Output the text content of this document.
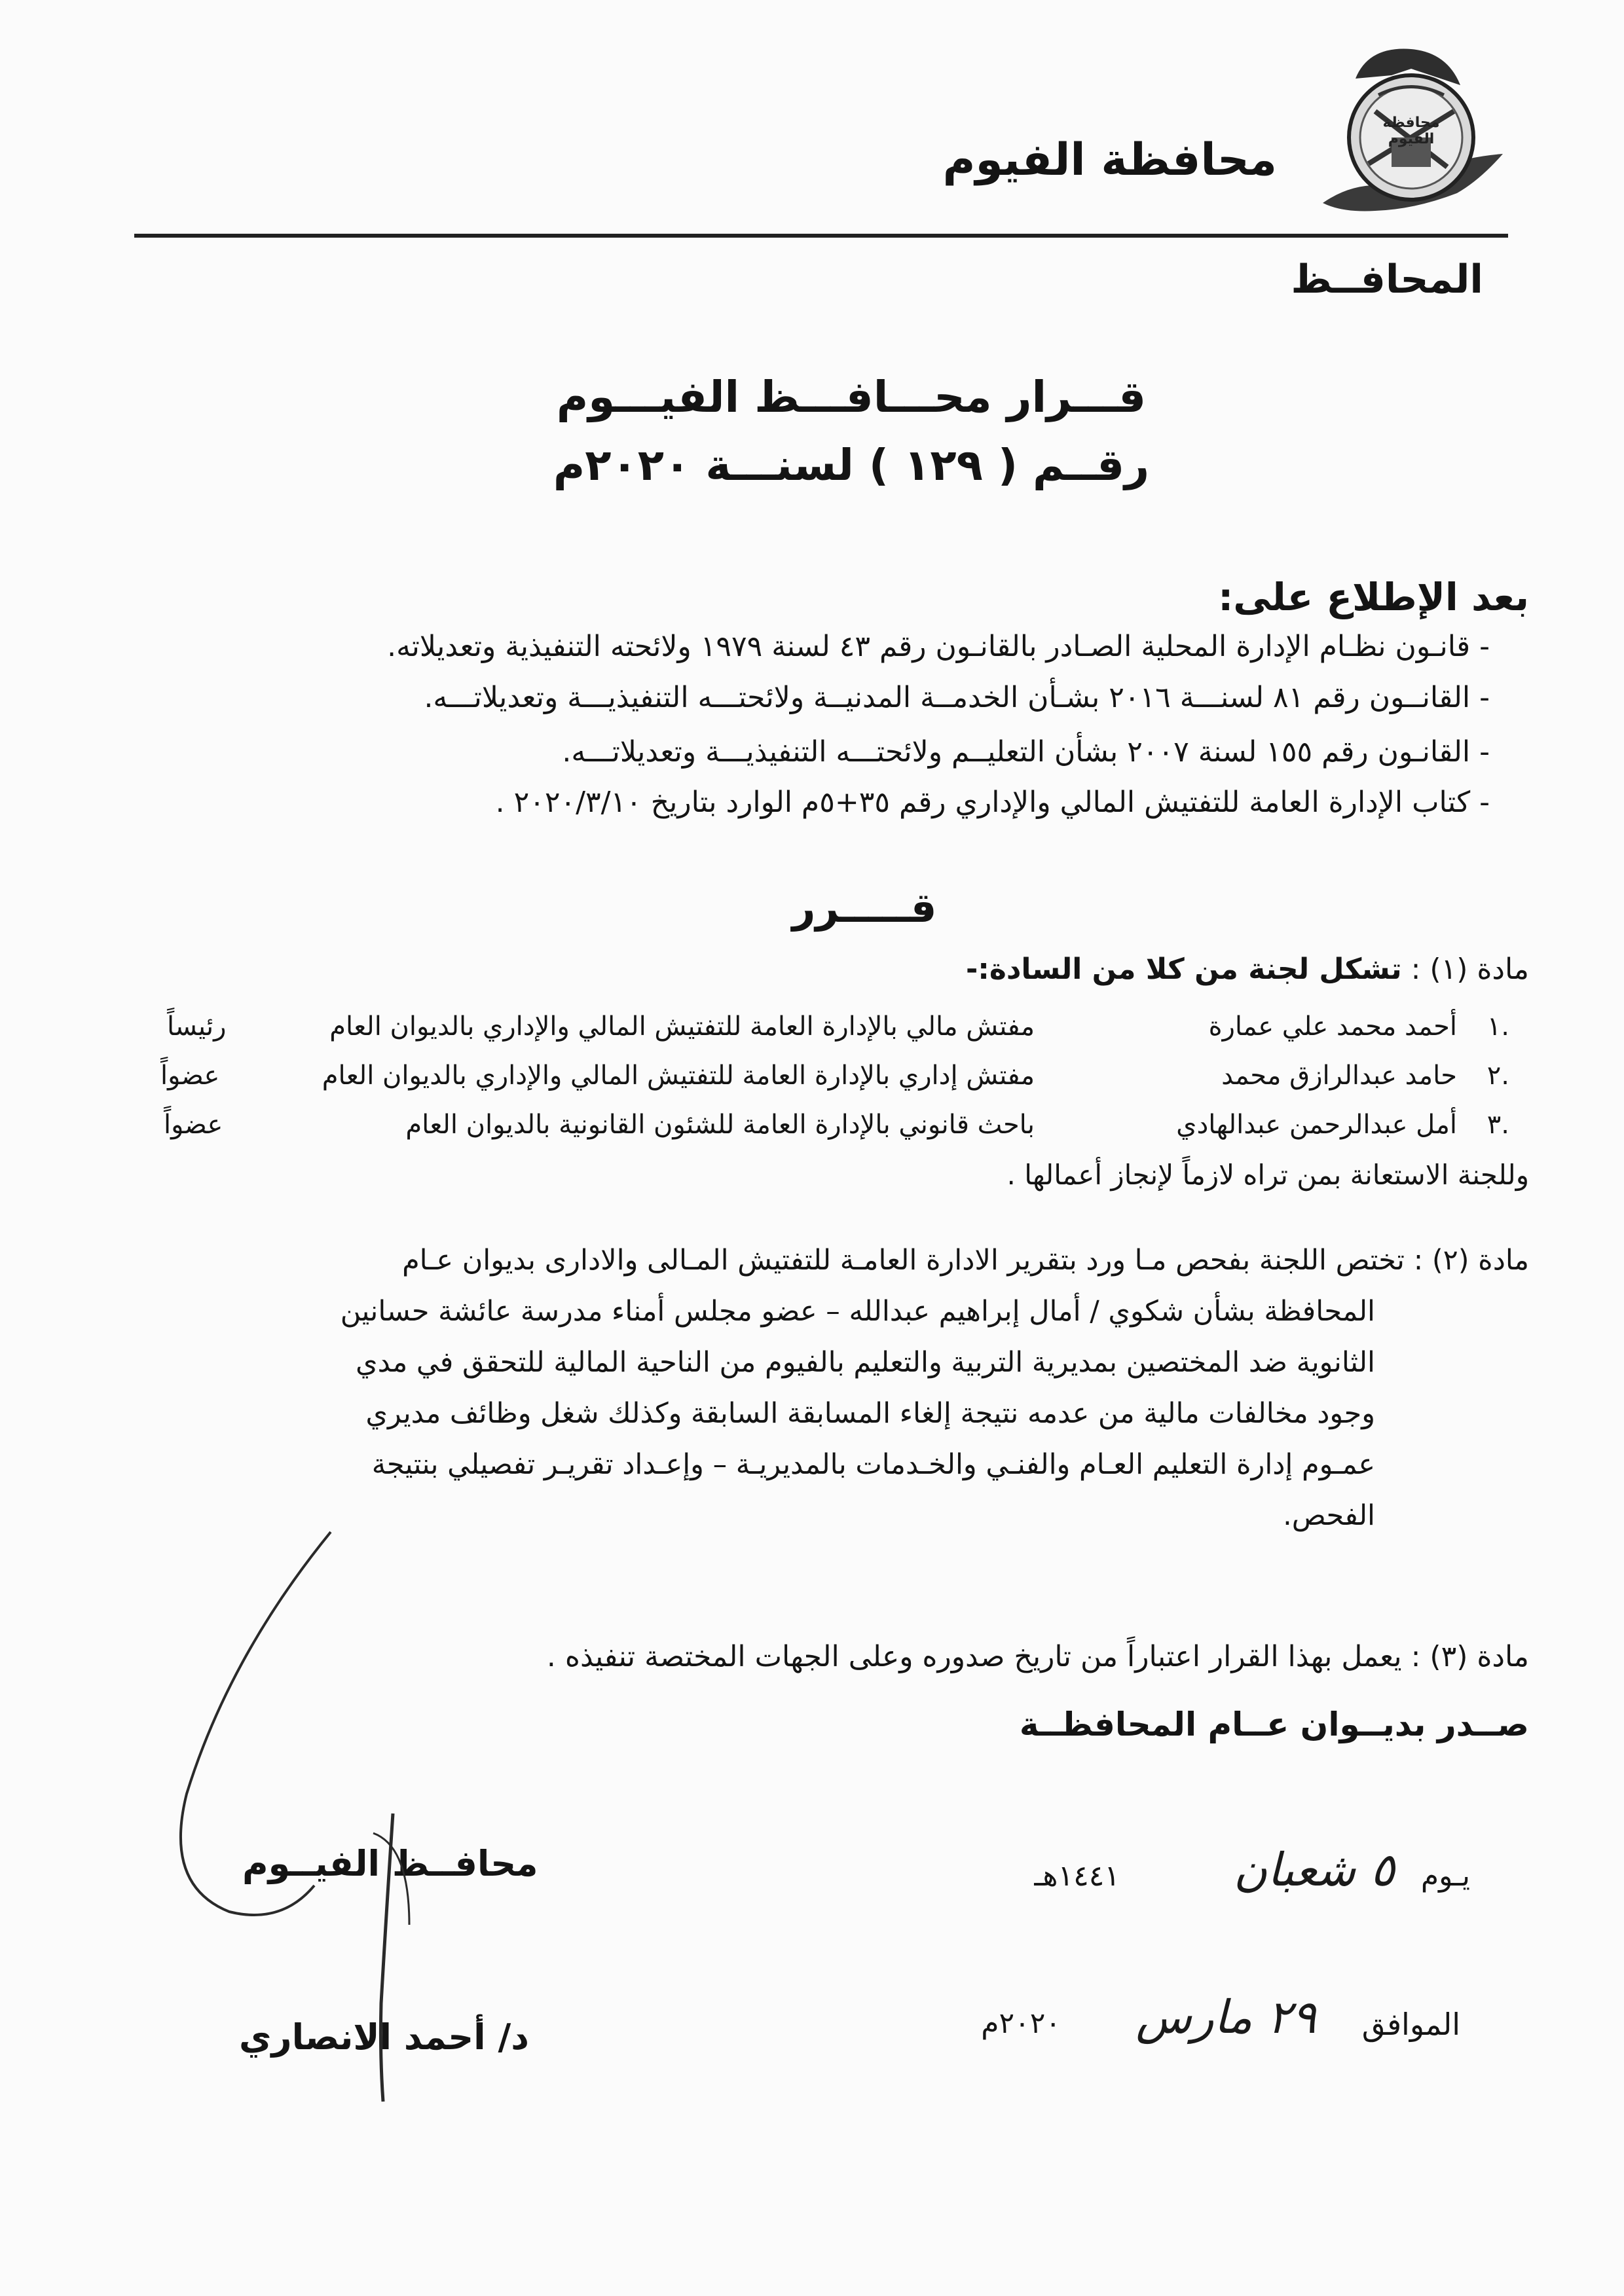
محافظة الفيوم
محافظة الفيوم
المحافــظ
قـــرار محـــافـــظ الفيـــوم
رقــم ( ١٢٩ ) لسنـــة ٢٠٢٠م
بعد الإطلاع على:
- قانـون نظـام الإدارة المحلية الصـادر بالقانـون رقم ٤٣ لسنة ١٩٧٩ ولائحته التنفيذية وتعديلاته.
- القانــون رقم ٨١ لسنـــة ٢٠١٦ بشـأن الخدمــة المدنيــة ولائحتـــه التنفيذيـــة وتعديلاتـــه.
- القانـون رقم ١٥٥ لسنة ٢٠٠٧ بشأن التعليــم ولائحتـــه التنفيذيـــة وتعديلاتـــه.
- كتاب الإدارة العامة للتفتيش المالي والإداري رقم ٣٥+٥م الوارد بتاريخ ٢٠٢٠/٣/١٠ .
قـــــرر
مادة (١) : تشكل لجنة من كلا من السادة:-
١.
أحمد محمد علي عمارة
مفتش مالي بالإدارة العامة للتفتيش المالي والإداري بالديوان العام
رئيساً
٢.
حامد عبدالرازق محمد
مفتش إداري بالإدارة العامة للتفتيش المالي والإداري بالديوان العام
عضواً
٣.
أمل عبدالرحمن عبدالهادي
باحث قانوني بالإدارة العامة للشئون القانونية بالديوان العام
عضواً
وللجنة الاستعانة بمن تراه لازماً لإنجاز أعمالها .
مادة (٢) : تختص اللجنة بفحص مـا ورد بتقرير الادارة العامـة للتفتيش المـالى والادارى بديوان عـام
المحافظة بشأن شكوي / أمال إبراهيم عبدالله – عضو مجلس أمناء مدرسة عائشة حسانين
الثانوية ضد المختصين بمديرية التربية والتعليم بالفيوم من الناحية المالية للتحقق في مدي
وجود مخالفات مالية من عدمه نتيجة إلغاء المسابقة السابقة وكذلك شغل وظائف مديري
عمـوم إدارة التعليم العـام والفنـي والخـدمات بالمديريـة – وإعـداد تقريـر تفصيلي بنتيجة
الفحص.
مادة (٣) : يعمل بهذا القرار اعتباراً من تاريخ صدوره وعلى الجهات المختصة تنفيذه .
صــدر بديــوان عــام المحافظــة
يـوم
٥ شعبان
١٤٤١هـ
الموافق
٢٩ مارس
٢٠٢٠م
محافــظ الفيــوم
د/ أحمد الانصاري
